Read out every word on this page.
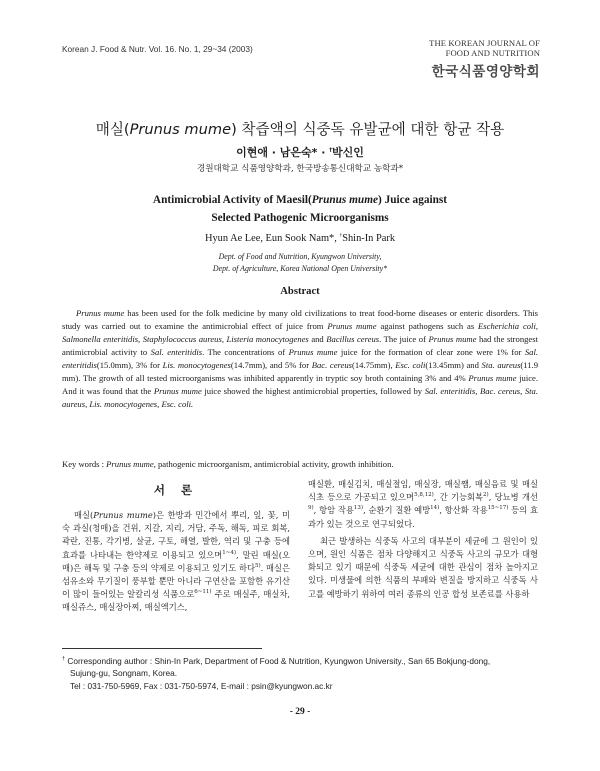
Korean J. Food & Nutr. Vol. 16. No. 1, 29~34 (2003)
THE KOREAN JOURNAL OF
FOOD AND NUTRITION
한국식품영양학회
매실(Prunus mume) 착즙액의 식중독 유발균에 대한 항균 작용
이현애 · 남은숙* · †박신인
경원대학교 식품영양학과, 한국방송통신대학교 농학과*
Antimicrobial Activity of Maesil(Prunus mume) Juice against
Selected Pathogenic Microorganisms
Hyun Ae Lee, Eun Sook Nam*, †Shin-In Park
Dept. of Food and Nutrition, Kyungwon University,
Dept. of Agriculture, Korea National Open University*
Abstract

Prunus mume has been used for the folk medicine by many old civilizations to treat food-borne diseases or enteric disorders. This study was carried out to examine the antimicrobial effect of juice from Prunus mume against pathogens such as Escherichia coli, Salmonella enteritidis, Staphylococcus aureus, Listeria monocytogenes and Bacillus cereus. The juice of Prunus mume had the strongest antimicrobial activity to Sal. enteritidis. The concentrations of Prunus mume juice for the formation of clear zone were 1% for Sal. enteritidis(15.0mm), 3% for Lis. monocytogenes(14.7mm), and 5% for Bac. cereus(14.75mm), Esc. coli(13.45mm) and Sta. aureus(11.9 mm). The growth of all tested microorganisms was inhibited apparently in tryptic soy broth containing 3% and 4% Prunus mume juice. And it was found that the Prunus mume juice showed the highest antimicrobial properties, followed by Sal. enteritidis, Bac. cereus, Sta. aureus, Lis. monocytogenes, Esc. coli.

Key words : Prunus mume, pathogenic microorganism, antimicrobial activity, growth inhibition.
서 론

매실(Prunus mume)은 한방과 민간에서 뿌리, 잎, 꽃, 미숙 과실(청매)을 건위, 지갈, 지리, 거담, 주독, 해독, 피로 회복, 곽란, 진통, 각기병, 살균, 구토, 해열, 발한, 역리 및 구충 등에 효과를 나타내는 한약제로 이용되고 있으며$^{1\sim 4)}$, 말린 매실(오매)은 해독 및 구충 등의 약제로 이용되고 있기도 하다$^{5)}$. 매실은 섬유소와 무기질이 풍부할 뿐만 아니라 구연산을 포함한 유기산이 많이 들어있는 알칼리성 식품으로$^{6\sim 11)}$ 주로 매실주, 매실차, 매실쥬스, 매실장아찌, 매실엑기스,

매실환, 매실김치, 매실절임, 매실장, 매실쨈, 매실음료 및 매실식초 등으로 가공되고 있으며$^{5,8,12)}$, 간 기능회복$^{2)}$, 당뇨병 개선$^{9)}$, 항암 작용$^{13)}$, 순환기 질환 예방$^{14)}$, 항산화 작용$^{15\sim 17)}$ 등의 효과가 있는 것으로 연구되었다.

최근 발생하는 식중독 사고의 대부분이 세균에 그 원인이 있으며, 원인 식품은 점차 다양해지고 식중독 사고의 규모가 대형화되고 있기 때문에 식중독 세균에 대한 관심이 점차 높아지고 있다. 미생물에 의한 식품의 부패와 변질을 방지하고 식중독 사고를 예방하기 위하여 여러 종류의 인공 합성 보존료를 사용하

† Corresponding author : Shin-In Park, Department of Food & Nutrition, Kyungwon University., San 65 Bokjung-dong,
Sujung-gu, Songnam, Korea.
Tel : 031-750-5969, Fax : 031-750-5974, E-mail : psin@kyungwon.ac.kr
- 29 -
